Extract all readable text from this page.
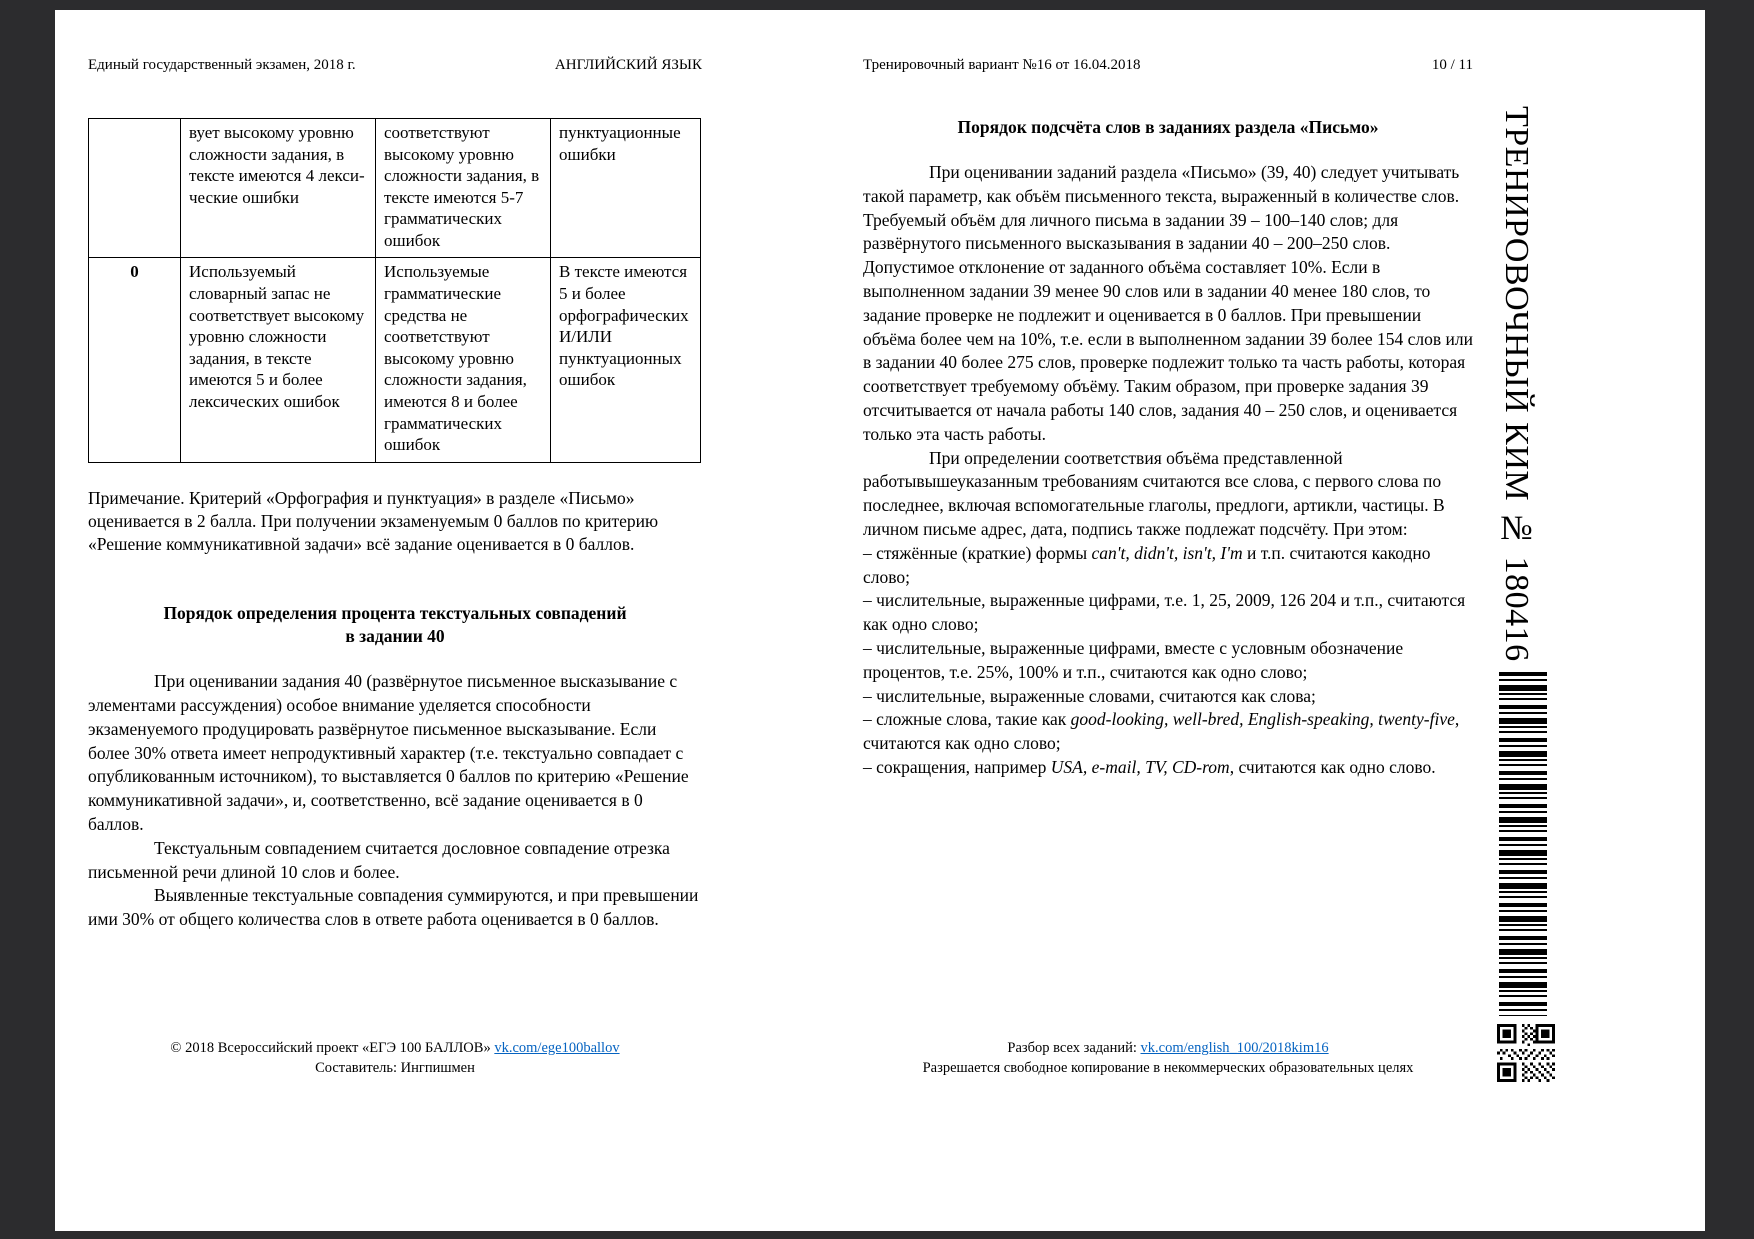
Единый государственный экзамен, 2018 г.	АНГЛИЙСКИЙ ЯЗЫК
	вует высокому уровню сложности задания, в тексте имеются 4 лекси-ческие ошибки	соответствуют высокому уровню сложности задания, в тексте имеются 5-7 грамматических ошибок	пунктуационные ошибки
0	Используемый словарный запас не соответствует высокому уровню сложности задания, в тексте имеются 5 и более лексических ошибок	Используемые грамматические средства не соответствуют высокому уровню сложности задания, имеются 8 и более грамматических ошибок	В тексте имеются 5 и более орфографических И/ИЛИ пунктуационных ошибок

Примечание. Критерий «Орфография и пунктуация» в разделе «Письмо» оценивается в 2 балла. При получении экзаменуемым 0 баллов по критерию «Решение коммуникативной задачи» всё задание оценивается в 0 баллов.

Порядок определения процента текстуальных совпадений
в задании 40

При оценивании задания 40 (развёрнутое письменное высказывание с элементами рассуждения) особое внимание уделяется способности экзаменуемого продуцировать развёрнутое письменное высказывание. Если более 30% ответа имеет непродуктивный характер (т.е. текстуально совпадает с опубликованным источником), то выставляется 0 баллов по критерию «Решение коммуникативной задачи», и, соответственно, всё задание оценивается в 0 баллов.

Текстуальным совпадением считается дословное совпадение отрезка письменной речи длиной 10 слов и более.

Выявленные текстуальные совпадения суммируются, и при превышении ими 30% от общего количества слов в ответе работа оценивается в 0 баллов.

Тренировочный вариант №16 от 16.04.2018	10 / 11
Порядок подсчёта слов в заданиях раздела «Письмо»

При оценивании заданий раздела «Письмо» (39, 40) следует учитывать такой параметр, как объём письменного текста, выраженный в количестве слов. Требуемый объём для личного письма в задании 39 – 100–140 слов; для развёрнутого письменного высказывания в задании 40 – 200–250 слов. Допустимое отклонение от заданного объёма составляет 10%. Если в выполненном задании 39 менее 90 слов или в задании 40 менее 180 слов, то задание проверке не подлежит и оценивается в 0 баллов. При превышении объёма более чем на 10%, т.е. если в выполненном задании 39 более 154 слов или в задании 40 более 275 слов, проверке подлежит только та часть работы, которая соответствует требуемому объёму. Таким образом, при проверке задания 39 отсчитывается от начала работы 140 слов, задания 40 – 250 слов, и оценивается только эта часть работы.

При определении соответствия объёма представленной работывышеуказанным требованиям считаются все слова, с первого слова по последнее, включая вспомогательные глаголы, предлоги, артикли, частицы. В личном письме адрес, дата, подпись также подлежат подсчёту. При этом:

– стяжённые (краткие) формы can't, didn't, isn't, I'm и т.п. считаются какодно слово;

– числительные, выраженные цифрами, т.е. 1, 25, 2009, 126 204 и т.п., считаются как одно слово;

– числительные, выраженные цифрами, вместе с условным обозначение процентов, т.е. 25%, 100% и т.п., считаются как одно слово;

– числительные, выраженные словами, считаются как слова;

– сложные слова, такие как good-looking, well-bred, English-speaking, twenty-five, считаются как одно слово;

– сокращения, например USA, e-mail, TV, CD-rom, считаются как одно слово.

© 2018 Всероссийский проект «ЕГЭ 100 БАЛЛОВ» vk.com/ege100ballov
Составитель: Ингпишмен
Разбор всех заданий: vk.com/english_100/2018kim16
Разрешается свободное копирование в некоммерческих образовательных целях
ТРЕНИРОВОЧНЫЙ КИМ № 180416
